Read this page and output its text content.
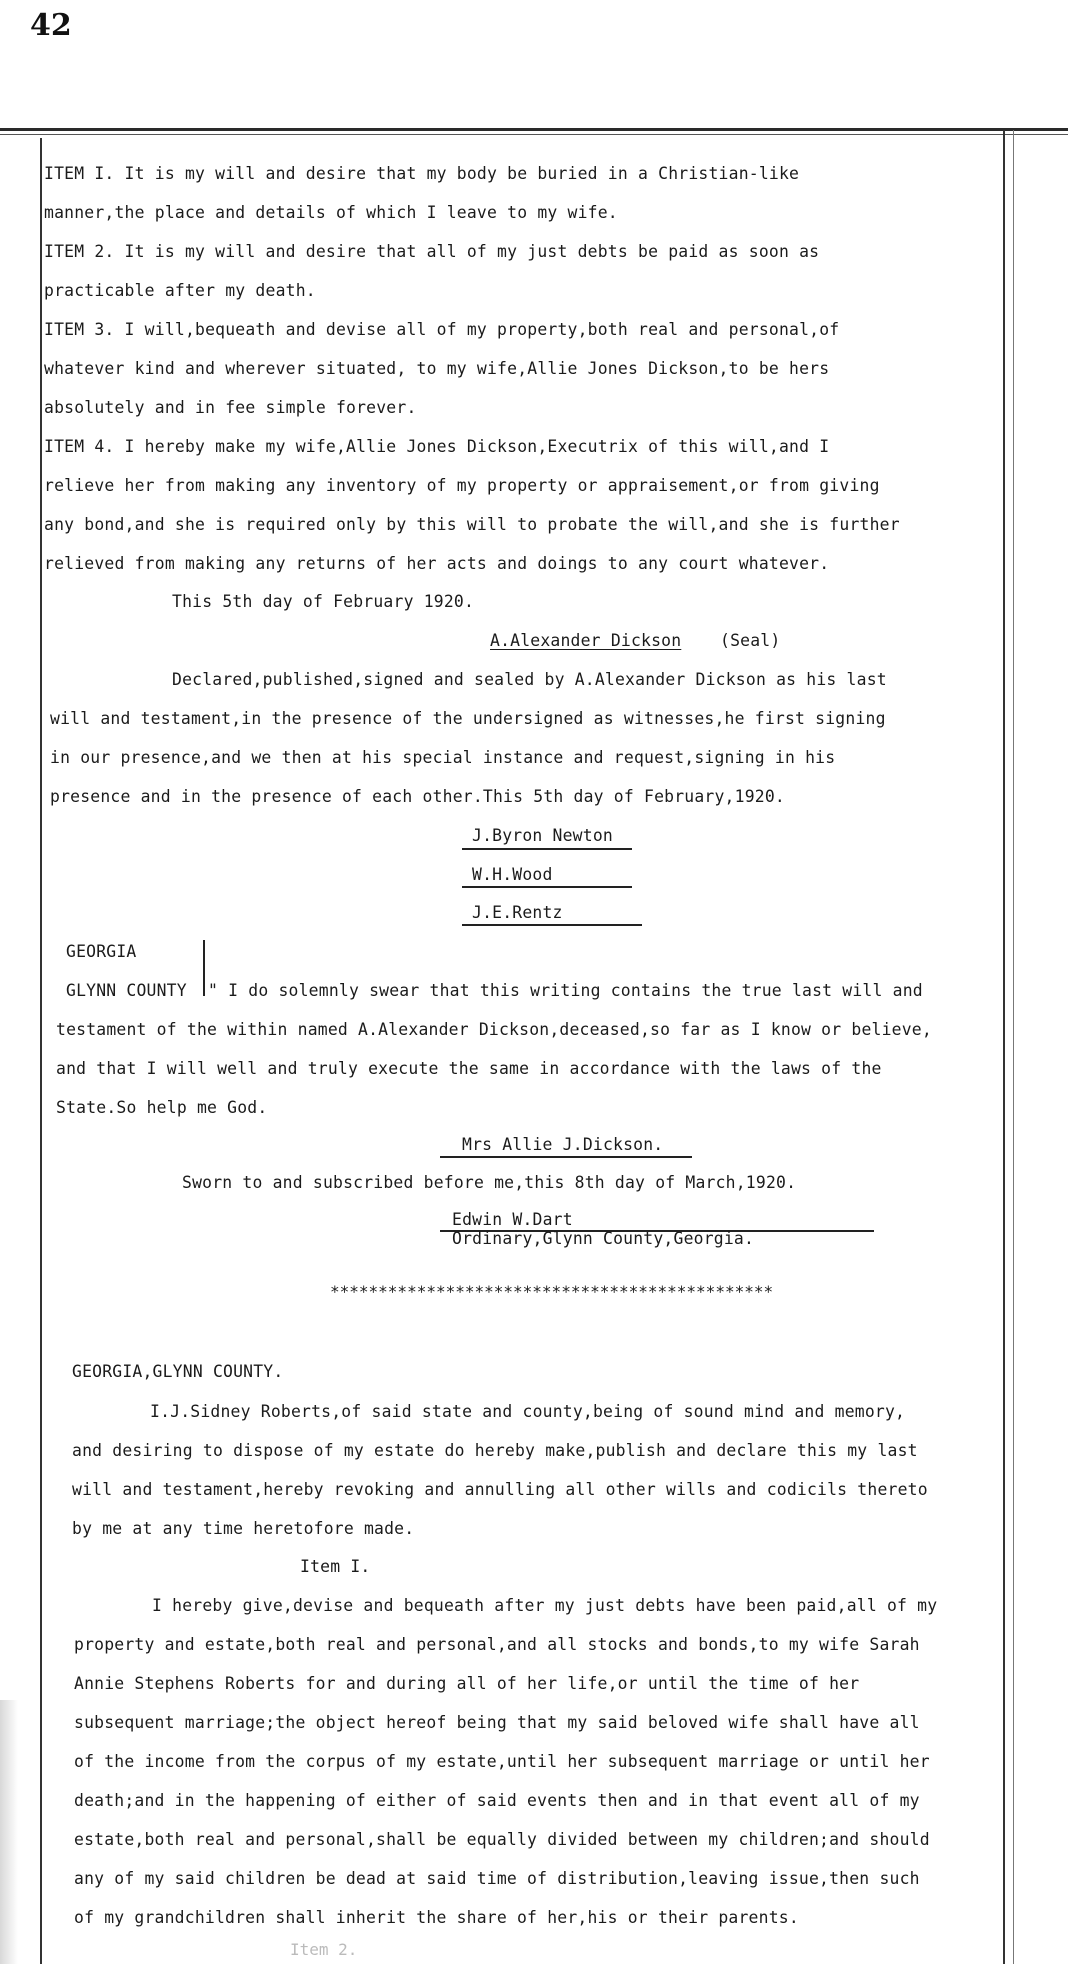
42
ITEM I. It is my will and desire that my body be buried in a Christian-like
manner,the place and details of which I leave to my wife.
ITEM 2. It is my will and desire that all of my just debts be paid as soon as
practicable after my death.
ITEM 3. I will,bequeath and devise all of my property,both real and personal,of
whatever kind and wherever situated, to my wife,Allie Jones Dickson,to be hers
absolutely and in fee simple forever.
ITEM 4. I hereby make my wife,Allie Jones Dickson,Executrix of this will,and I
relieve her from making any inventory of my property or appraisement,or from giving
any bond,and she is required only by this will to probate the will,and she is further
relieved from making any returns of her acts and doings to any court whatever.
This 5th day of February 1920.
A.Alexander Dickson (Seal)
Declared,published,signed and sealed by A.Alexander Dickson as his last
will and testament,in the presence of the undersigned as witnesses,he first signing
in our presence,and we then at his special instance and request,signing in his
presence and in the presence of each other.This 5th day of February,1920.
J.Byron Newton
W.H.Wood
J.E.Rentz
GEORGIA
GLYNN COUNTY " I do solemnly swear that this writing contains the true last will and
testament of the within named A.Alexander Dickson,deceased,so far as I know or believe,
and that I will well and truly execute the same in accordance with the laws of the
State.So help me God.
Mrs Allie J.Dickson.
Sworn to and subscribed before me,this 8th day of March,1920.
Edwin W.Dart
Ordinary,Glynn County,Georgia.
**********************************************
GEORGIA,GLYNN COUNTY.
I.J.Sidney Roberts,of said state and county,being of sound mind and memory,
and desiring to dispose of my estate do hereby make,publish and declare this my last
will and testament,hereby revoking and annulling all other wills and codicils thereto
by me at any time heretofore made.
Item I.
I hereby give,devise and bequeath after my just debts have been paid,all of my
property and estate,both real and personal,and all stocks and bonds,to my wife Sarah
Annie Stephens Roberts for and during all of her life,or until the time of her
subsequent marriage;the object hereof being that my said beloved wife shall have all
of the income from the corpus of my estate,until her subsequent marriage or until her
death;and in the happening of either of said events then and in that event all of my
estate,both real and personal,shall be equally divided between my children;and should
any of my said children be dead at said time of distribution,leaving issue,then such
of my grandchildren shall inherit the share of her,his or their parents.
Item 2.
